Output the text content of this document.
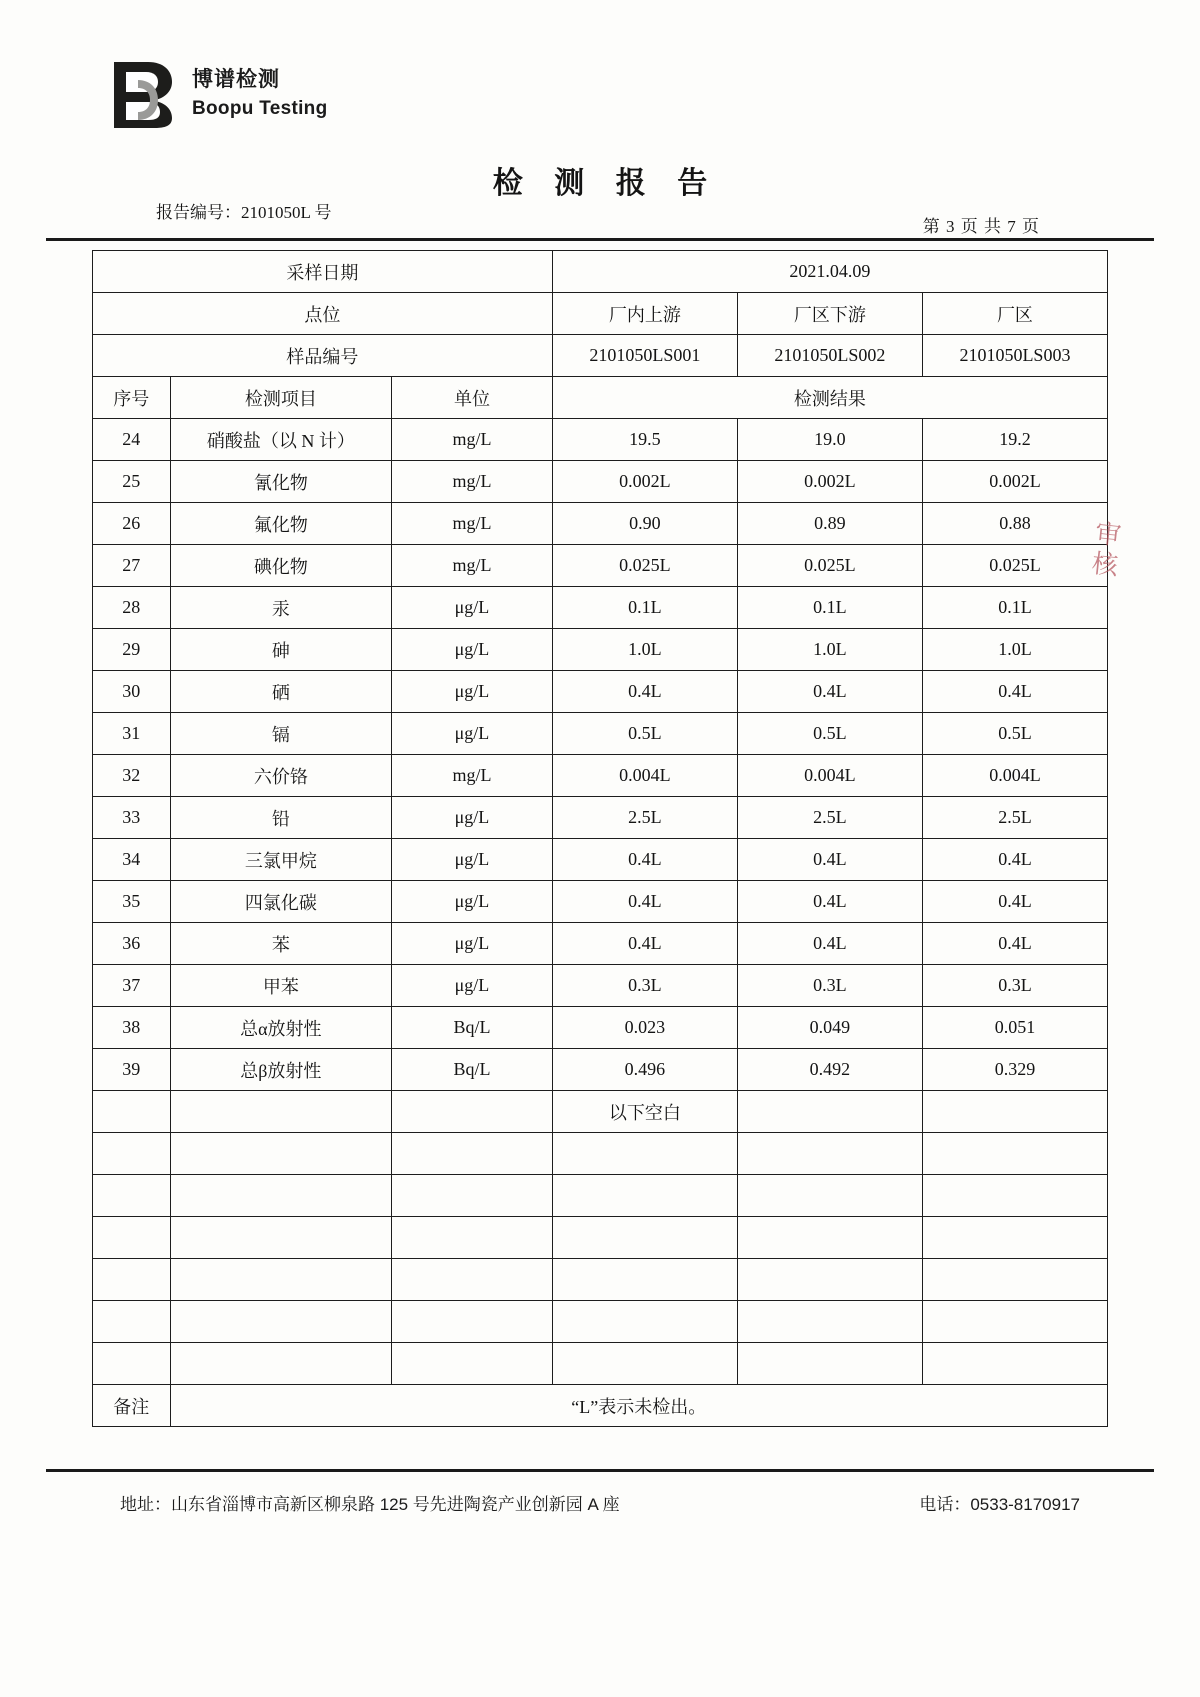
博谱检测
Boopu Testing
检 测 报 告
报告编号：2101050L 号
第 3 页 共 7 页
采样日期			2021.04.09		
点位			厂内上游	厂区下游	厂区
样品编号			2101050LS001	2101050LS002	2101050LS003
序号	检测项目	单位	检测结果		
24	硝酸盐（以 N 计）	mg/L	19.5	19.0	19.2
25	氰化物	mg/L	0.002L	0.002L	0.002L
26	氟化物	mg/L	0.90	0.89	0.88
27	碘化物	mg/L	0.025L	0.025L	0.025L
28	汞	μg/L	0.1L	0.1L	0.1L
29	砷	μg/L	1.0L	1.0L	1.0L
30	硒	μg/L	0.4L	0.4L	0.4L
31	镉	μg/L	0.5L	0.5L	0.5L
32	六价铬	mg/L	0.004L	0.004L	0.004L
33	铅	μg/L	2.5L	2.5L	2.5L
34	三氯甲烷	μg/L	0.4L	0.4L	0.4L
35	四氯化碳	μg/L	0.4L	0.4L	0.4L
36	苯	μg/L	0.4L	0.4L	0.4L
37	甲苯	μg/L	0.3L	0.3L	0.3L
38	总α放射性	Bq/L	0.023	0.049	0.051
39	总β放射性	Bq/L	0.496	0.492	0.329
			以下空白		

备注	“L”表示未检出。				
审核
地址：山东省淄博市高新区柳泉路 125 号先进陶瓷产业创新园 A 座	电话：0533-8170917
